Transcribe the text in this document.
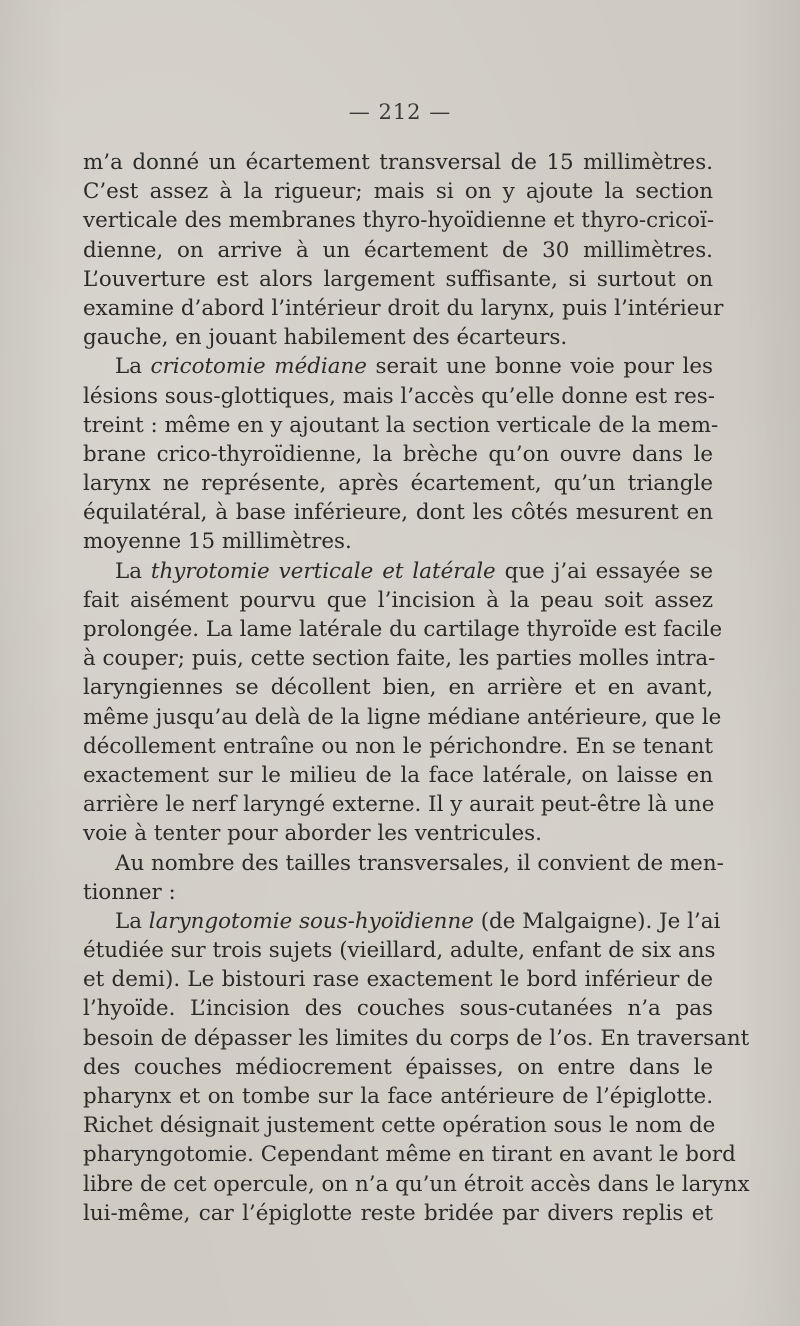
— 212 —
m’a donné un écartement transversal de 15 millimètres.
C’est assez à la rigueur; mais si on y ajoute la section
verticale des membranes thyro-hyoïdienne et thyro-cricoï-
dienne, on arrive à un écartement de 30 millimètres.
L’ouverture est alors largement suffisante, si surtout on
examine d’abord l’intérieur droit du larynx, puis l’intérieur
gauche, en jouant habilement des écarteurs.
La cricotomie médiane serait une bonne voie pour les
lésions sous-glottiques, mais l’accès qu’elle donne est res-
treint : même en y ajoutant la section verticale de la mem-
brane crico-thyroïdienne, la brèche qu’on ouvre dans le
larynx ne représente, après écartement, qu’un triangle
équilatéral, à base inférieure, dont les côtés mesurent en
moyenne 15 millimètres.
La thyrotomie verticale et latérale que j’ai essayée se
fait aisément pourvu que l’incision à la peau soit assez
prolongée. La lame latérale du cartilage thyroïde est facile
à couper; puis, cette section faite, les parties molles intra-
laryngiennes se décollent bien, en arrière et en avant,
même jusqu’au delà de la ligne médiane antérieure, que le
décollement entraîne ou non le périchondre. En se tenant
exactement sur le milieu de la face latérale, on laisse en
arrière le nerf laryngé externe. Il y aurait peut-être là une
voie à tenter pour aborder les ventricules.
Au nombre des tailles transversales, il convient de men-
tionner :
La laryngotomie sous-hyoïdienne (de Malgaigne). Je l’ai
étudiée sur trois sujets (vieillard, adulte, enfant de six ans
et demi). Le bistouri rase exactement le bord inférieur de
l’hyoïde. L’incision des couches sous-cutanées n’a pas
besoin de dépasser les limites du corps de l’os. En traversant
des couches médiocrement épaisses, on entre dans le
pharynx et on tombe sur la face antérieure de l’épiglotte.
Richet désignait justement cette opération sous le nom de
pharyngotomie. Cependant même en tirant en avant le bord
libre de cet opercule, on n’a qu’un étroit accès dans le larynx
lui-même, car l’épiglotte reste bridée par divers replis et
